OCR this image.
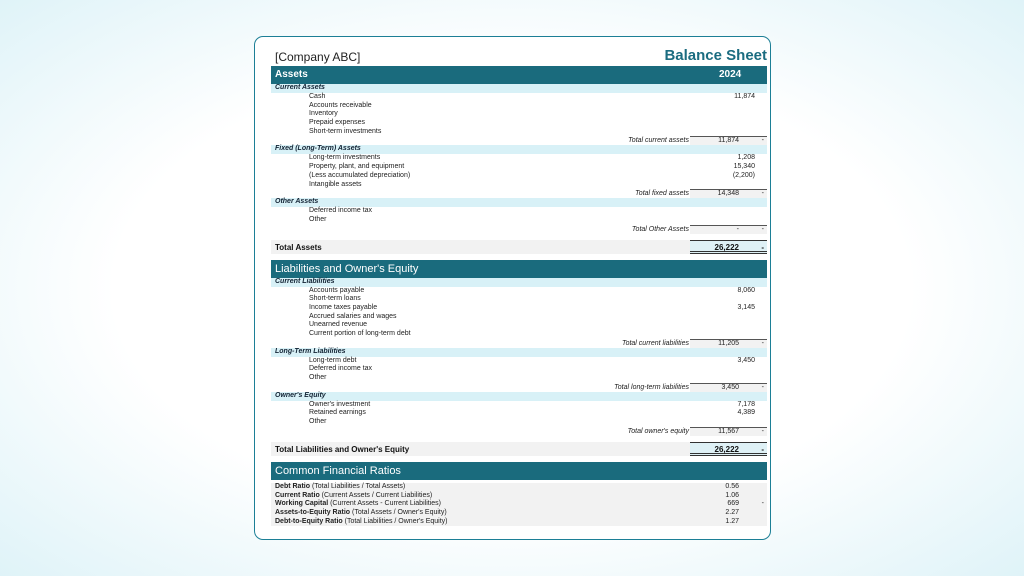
[Company ABC]	Balance Sheet
Assets	2024
Current Assets
Cash	11,874
Accounts receivable
Inventory
Prepaid expenses
Short-term investments
Total current assets	11,874	-
Fixed (Long-Term) Assets
Long-term investments	1,208
Property, plant, and equipment	15,340
(Less accumulated depreciation)	(2,200)
Intangible assets
Total fixed assets	14,348	-
Other Assets
Deferred income tax
Other
Total Other Assets	-	-
Total Assets	26,222	-
Liabilities and Owner's Equity
Current Liabilities
Accounts payable	8,060
Short-term loans
Income taxes payable	3,145
Accrued salaries and wages
Unearned revenue
Current portion of long-term debt
Total current liabilities	11,205	-
Long-Term Liabilities
Long-term debt	3,450
Deferred income tax
Other
Total long-term liabilities	3,450	-
Owner's Equity
Owner's investment	7,178
Retained earnings	4,389
Other
Total owner's equity	11,567	-
Total Liabilities and Owner's Equity	26,222	-
Common Financial Ratios
Debt Ratio (Total Liabilities / Total Assets)	0.56
Current Ratio (Current Assets / Current Liabilities)	1.06
Working Capital (Current Assets - Current Liabilities)	669	-
Assets-to-Equity Ratio (Total Assets / Owner's Equity)	2.27
Debt-to-Equity Ratio (Total Liabilities / Owner's Equity)	1.27
